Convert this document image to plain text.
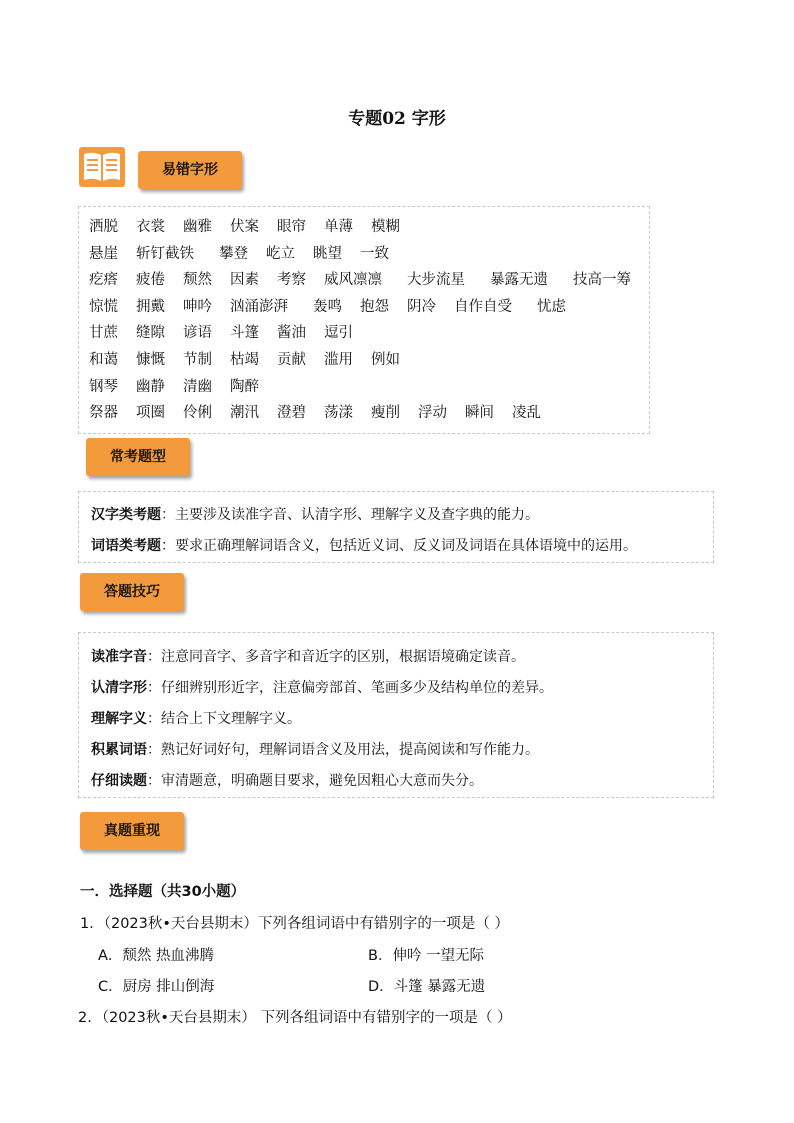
专题02 字形
易错字形
洒脱 衣裳 幽雅 伏案 眼帘 单薄 模糊
悬崖 斩钉截铁 攀登 屹立 眺望 一致
疙瘩 疲倦 颓然 因素 考察 威风凛凛 大步流星 暴露无遗 技高一筹
惊慌 拥戴 呻吟 汹涌澎湃 轰鸣 抱怨 阴冷 自作自受 忧虑
甘蔗 缝隙 谚语 斗篷 酱油 逗引
和蔼 慷慨 节制 枯竭 贡献 滥用 例如
钢琴 幽静 清幽 陶醉
祭器 项圈 伶俐 潮汛 澄碧 荡漾 瘦削 浮动 瞬间 凌乱
常考题型
汉字类考题：主要涉及读准字音、认清字形、理解字义及查字典的能力。
词语类考题：要求正确理解词语含义，包括近义词、反义词及词语在具体语境中的运用。
答题技巧
读准字音：注意同音字、多音字和音近字的区别，根据语境确定读音。
认清字形：仔细辨别形近字，注意偏旁部首、笔画多少及结构单位的差异。
理解字义：结合上下文理解字义。
积累词语：熟记好词好句，理解词语含义及用法，提高阅读和写作能力。
仔细读题：审清题意，明确题目要求，避免因粗心大意而失分。
真题重现
一．选择题（共30小题）
1．（2023秋•天台县期末）下列各组词语中有错别字的一项是（ ）
A．颓然 热血沸腾	B．伸吟 一望无际
C．厨房 排山倒海	D．斗篷 暴露无遗
2．（2023秋•天台县期末） 下列各组词语中有错别字的一项是（ ）
